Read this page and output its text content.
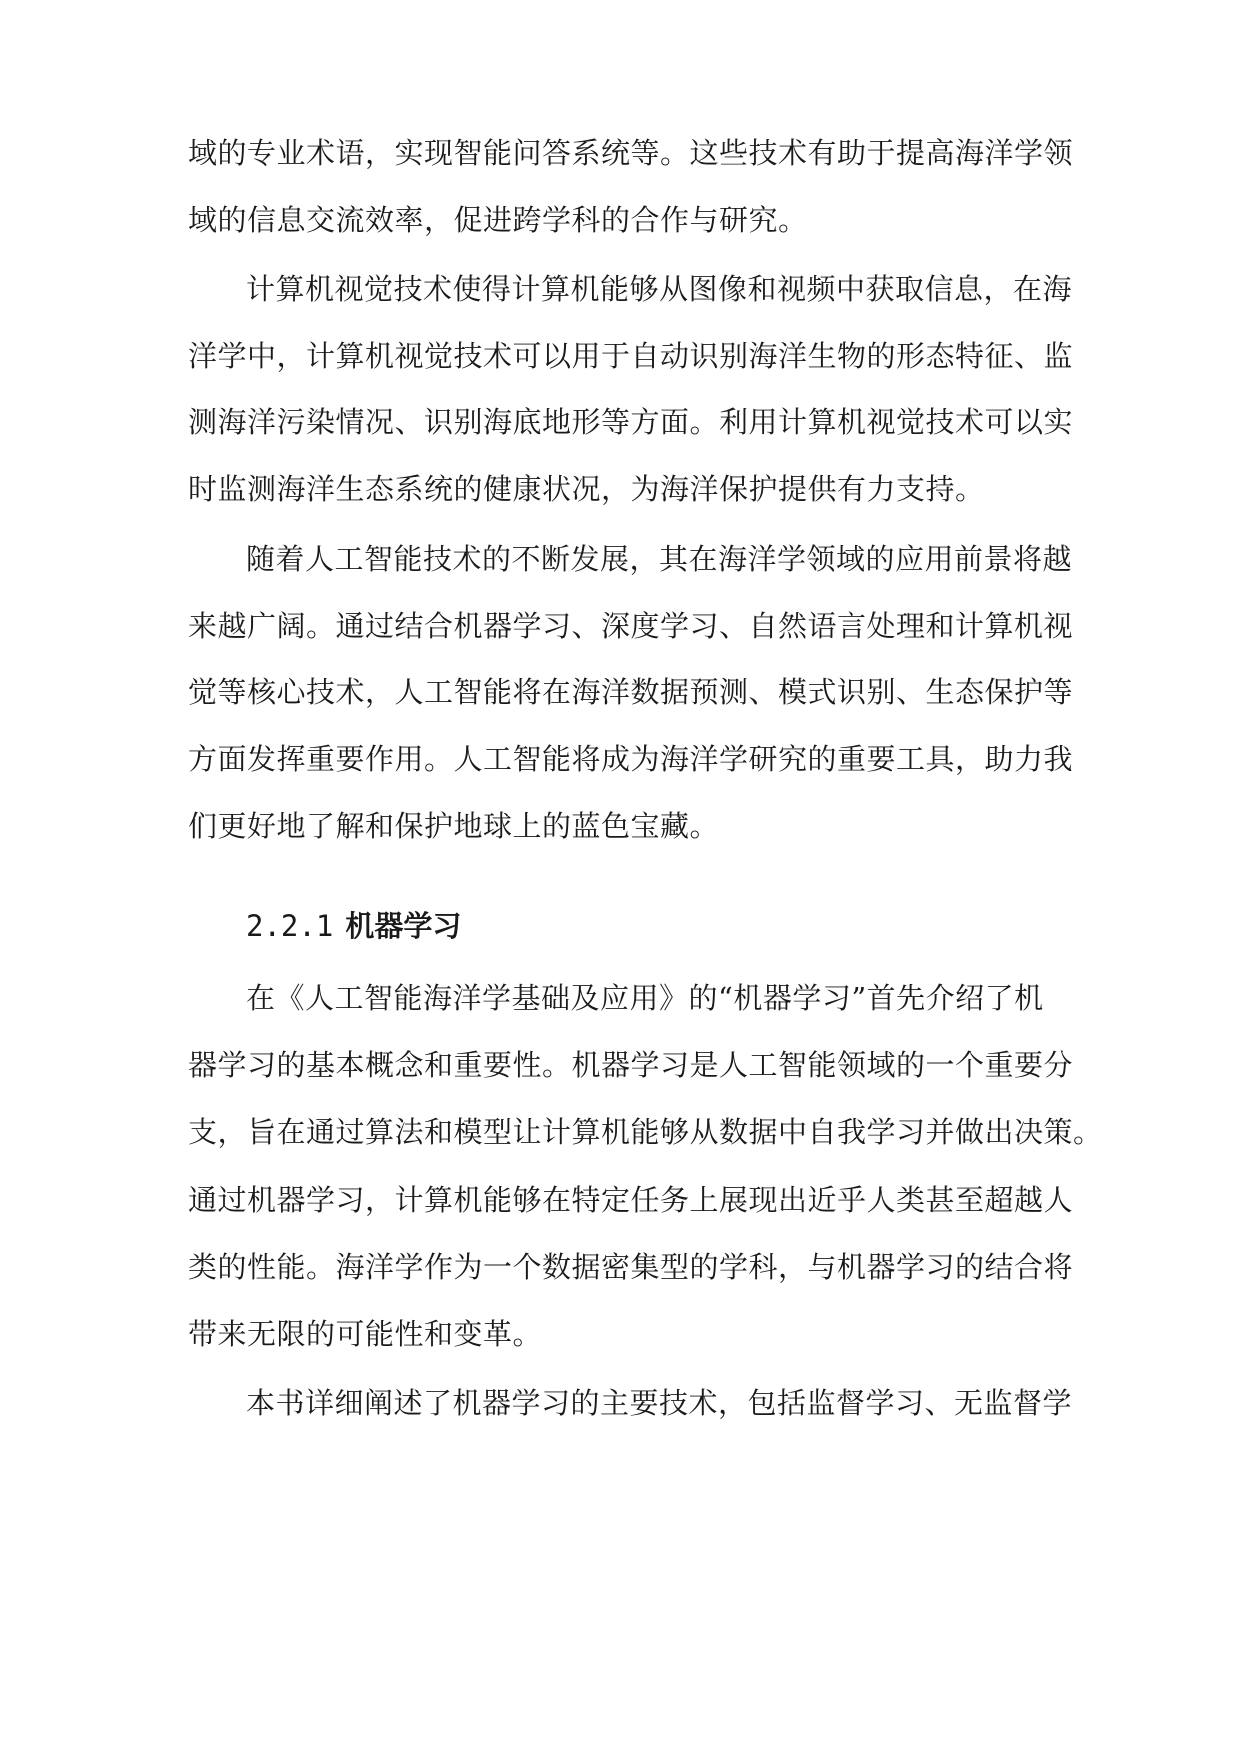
域的专业术语，实现智能问答系统等。这些技术有助于提高海洋学领
域的信息交流效率，促进跨学科的合作与研究。
计算机视觉技术使得计算机能够从图像和视频中获取信息，在海
洋学中，计算机视觉技术可以用于自动识别海洋生物的形态特征、监
测海洋污染情况、识别海底地形等方面。利用计算机视觉技术可以实
时监测海洋生态系统的健康状况，为海洋保护提供有力支持。
随着人工智能技术的不断发展，其在海洋学领域的应用前景将越
来越广阔。通过结合机器学习、深度学习、自然语言处理和计算机视
觉等核心技术，人工智能将在海洋数据预测、模式识别、生态保护等
方面发挥重要作用。人工智能将成为海洋学研究的重要工具，助力我
们更好地了解和保护地球上的蓝色宝藏。
2.2.1 机器学习
在《人工智能海洋学基础及应用》的“机器学习”首先介绍了机
器学习的基本概念和重要性。机器学习是人工智能领域的一个重要分
支，旨在通过算法和模型让计算机能够从数据中自我学习并做出决策。
通过机器学习，计算机能够在特定任务上展现出近乎人类甚至超越人
类的性能。海洋学作为一个数据密集型的学科，与机器学习的结合将
带来无限的可能性和变革。
本书详细阐述了机器学习的主要技术，包括监督学习、无监督学
